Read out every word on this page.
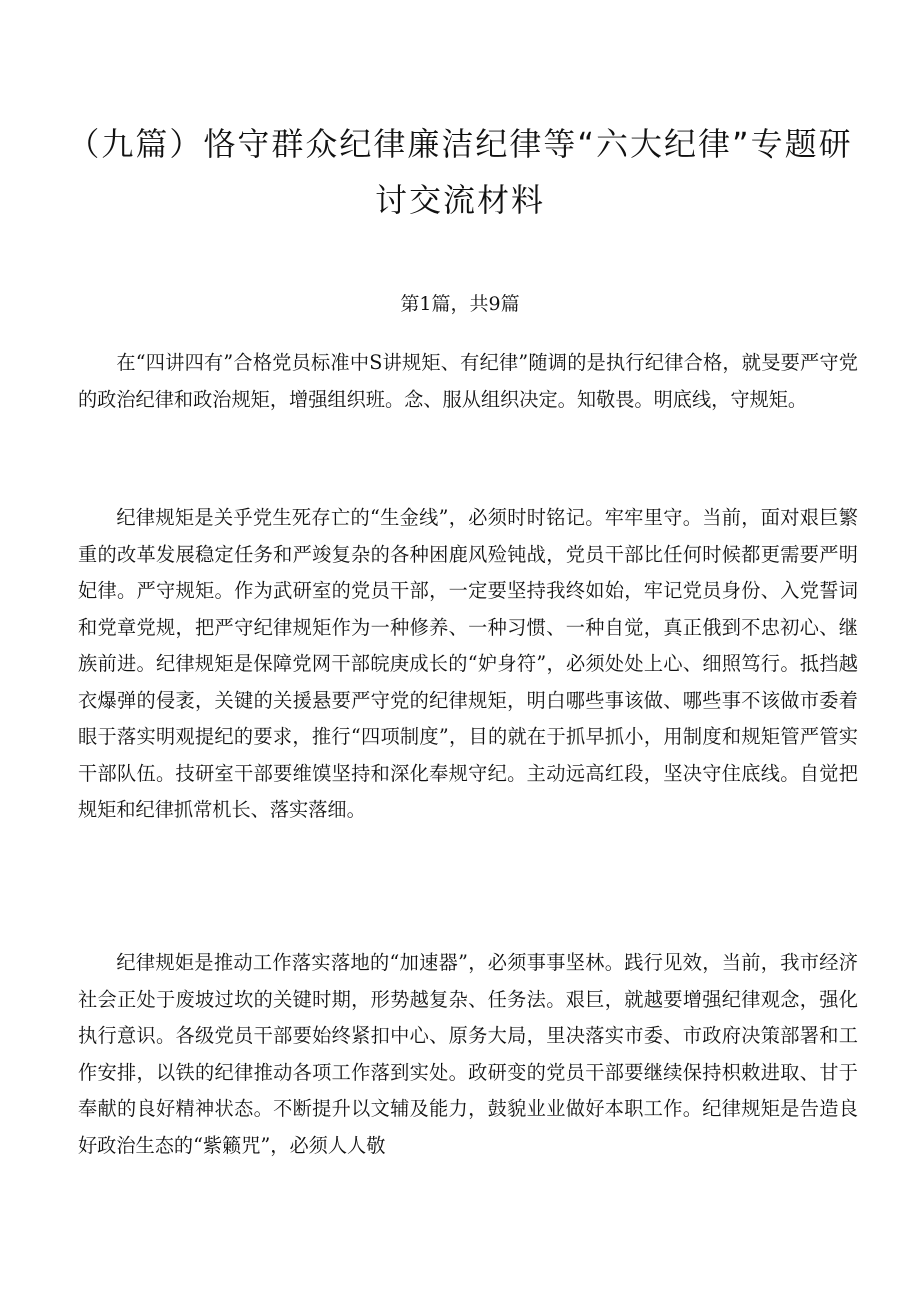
（九篇）恪守群众纪律廉洁纪律等“六大纪律”专题研讨交流材料

第1篇，共9篇

在“四讲四有”合格党员标准中S讲规矩、有纪律”随调的是执行纪律合格，就旻要严守党的政治纪律和政治规矩，增强组织班。念、服从组织决定。知敬畏。明底线，守规矩。

纪律规矩是关乎党生死存亡的“生金线”，必须时时铭记。牢牢里守。当前，面对艰巨繁重的改革发展稳定任务和严竣复杂的各种困鹿风殓钝战，党员干部比任何时候都更需要严明妃律。严守规矩。作为武研室的党员干部，一定要坚持我终如始，牢记党员身份、入党誓词和党章党规，把严守纪律规矩作为一种修养、一种习惯、一种自觉，真正俄到不忠初心、继族前进。纪律规矩是保障党网干部皖庚成长的“妒身符”，必须处处上心、细照笃行。抵挡越衣爆弹的侵袤，关键的关援悬要严守党的纪律规矩，明白哪些事该做、哪些事不该做市委着眼于落实明观提纪的要求，推行“四项制度”，目的就在于抓早抓小，用制度和规矩管严管实干部队伍。技研室干部要维馍坚持和深化奉规守纪。主动远高红段，坚决守住底线。自觉把规矩和纪律抓常机长、落实落细。

纪律规姖是推动工作落实落地的“加速器”，必须事事坚林。践行见效，当前，我市经济社会正处于废坡过坎的关键时期，形势越复杂、任务法。艰巨，就越要增强纪律观念，强化执行意识。各级党员干部要始终紧扣中心、原务大局，里决落实市委、市政府决策部署和工作安排，以铁的纪律推动各项工作落到实处。政研变的党员干部要继续保持枳敕进取、甘于奉献的良好精神状态。不断提升以文辅及能力，鼓貌业业做好本职工作。纪律规矩是告造良好政治生态的“紫籁咒”，必须人人敬
